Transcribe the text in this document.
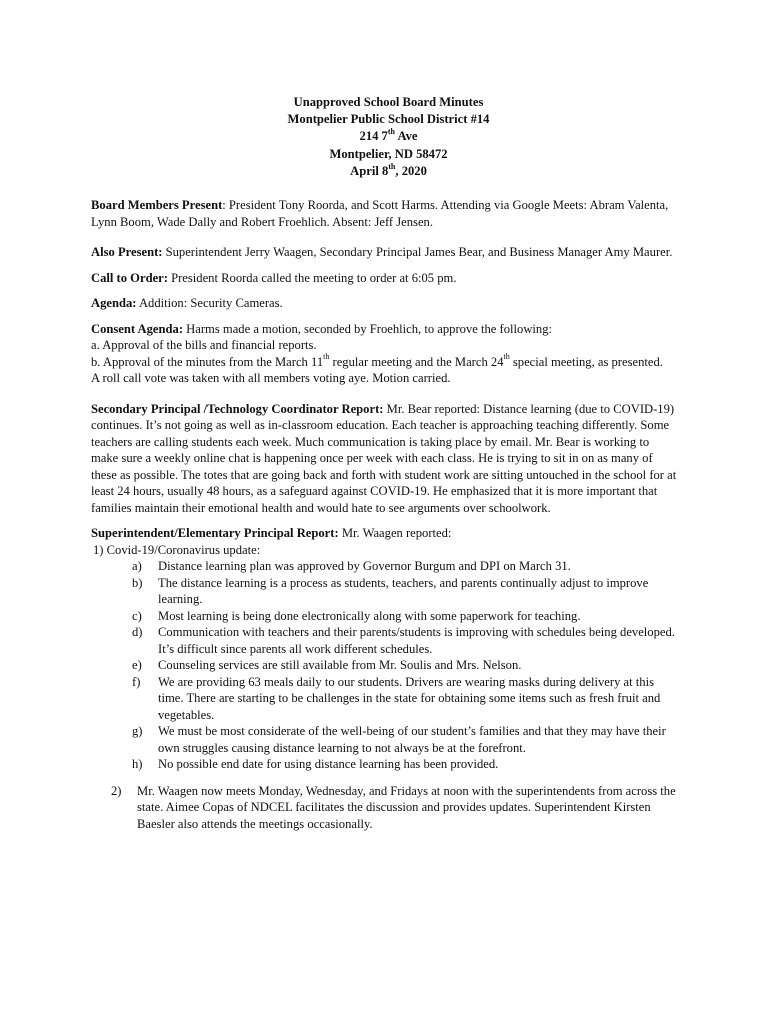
Unapproved School Board Minutes
Montpelier Public School District #14
214 7th Ave
Montpelier, ND 58472
April 8th, 2020

Board Members Present: President Tony Roorda, and Scott Harms. Attending via Google Meets: Abram Valenta, Lynn Boom, Wade Dally and Robert Froehlich. Absent: Jeff Jensen.

Also Present: Superintendent Jerry Waagen, Secondary Principal James Bear, and Business Manager Amy Maurer.

Call to Order: President Roorda called the meeting to order at 6:05 pm.

Agenda: Addition: Security Cameras.

Consent Agenda: Harms made a motion, seconded by Froehlich, to approve the following:

a. Approval of the bills and financial reports.

b. Approval of the minutes from the March 11th regular meeting and the March 24th special meeting, as presented.

A roll call vote was taken with all members voting aye. Motion carried.

Secondary Principal /Technology Coordinator Report: Mr. Bear reported: Distance learning (due to COVID-19) continues. It’s not going as well as in-classroom education. Each teacher is approaching teaching differently. Some teachers are calling students each week. Much communication is taking place by email. Mr. Bear is working to make sure a weekly online chat is happening once per week with each class. He is trying to sit in on as many of these as possible. The totes that are going back and forth with student work are sitting untouched in the school for at least 24 hours, usually 48 hours, as a safeguard against COVID-19. He emphasized that it is more important that families maintain their emotional health and would hate to see arguments over schoolwork.

Superintendent/Elementary Principal Report: Mr. Waagen reported:

1) Covid-19/Coronavirus update:

a) Distance learning plan was approved by Governor Burgum and DPI on March 31.
b) The distance learning is a process as students, teachers, and parents continually adjust to improve learning.
c) Most learning is being done electronically along with some paperwork for teaching.
d) Communication with teachers and their parents/students is improving with schedules being developed. It’s difficult since parents all work different schedules.
e) Counseling services are still available from Mr. Soulis and Mrs. Nelson.
f) We are providing 63 meals daily to our students. Drivers are wearing masks during delivery at this time. There are starting to be challenges in the state for obtaining some items such as fresh fruit and vegetables.
g) We must be most considerate of the well-being of our student’s families and that they may have their own struggles causing distance learning to not always be at the forefront.
h) No possible end date for using distance learning has been provided.
2) Mr. Waagen now meets Monday, Wednesday, and Fridays at noon with the superintendents from across the state. Aimee Copas of NDCEL facilitates the discussion and provides updates. Superintendent Kirsten Baesler also attends the meetings occasionally.
